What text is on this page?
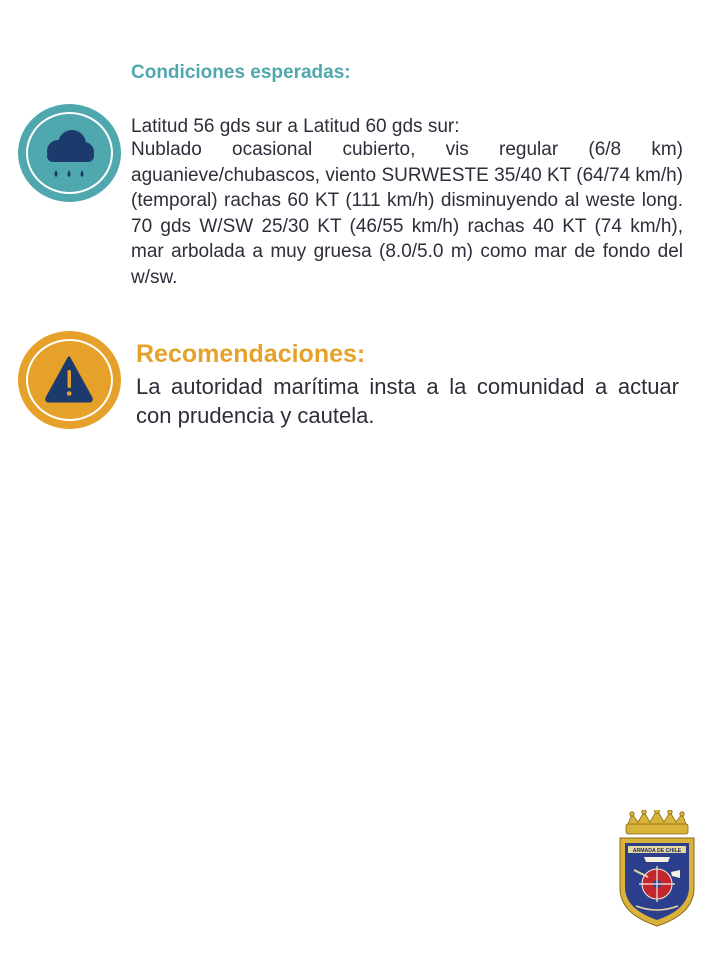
Condiciones esperadas:
Latitud 56 gds sur a Latitud 60 gds sur:
Nublado ocasional cubierto, vis regular (6/8 km) aguanieve/chubascos, viento SURWESTE 35/40 KT (64/74 km/h) (temporal) rachas 60 KT (111 km/h) disminuyendo al weste long. 70 gds W/SW 25/30 KT (46/55 km/h) rachas 40 KT (74 km/h), mar arbolada a muy gruesa (8.0/5.0 m) como mar de fondo del w/sw.
Recomendaciones:
La autoridad marítima insta a la comunidad a actuar con prudencia y cautela.
ARMADA DE CHILE
